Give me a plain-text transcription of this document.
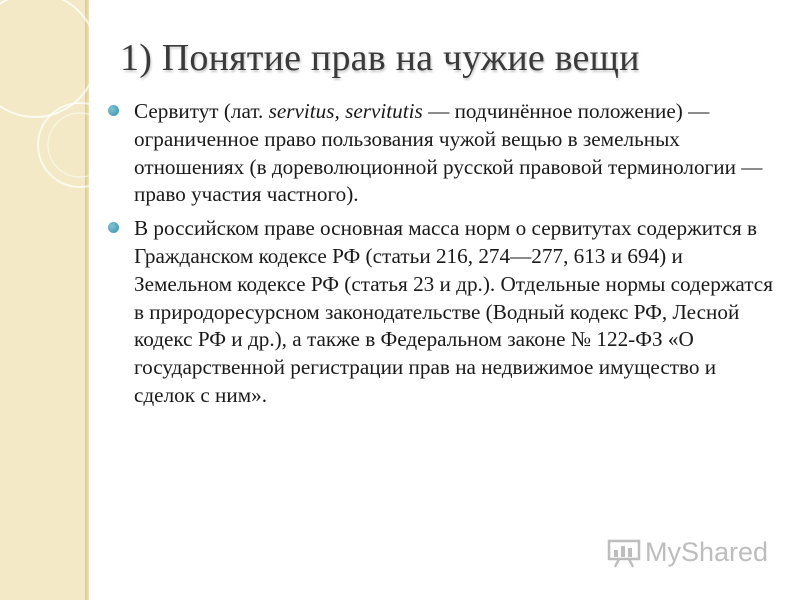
1) Понятие прав на чужие вещи
Сервитут (лат. servitus, servitutis — подчинённое положение) — ограниченное право пользования чужой вещью в земельных отношениях (в дореволюционной русской правовой терминологии — право участия частного).
В российском праве основная масса норм о сервитутах содержится в Гражданском кодексе РФ (статьи 216, 274—277, 613 и 694) и Земельном кодексе РФ (статья 23 и др.). Отдельные нормы содержатся в природоресурсном законодательстве (Водный кодекс РФ, Лесной кодекс РФ и др.), а также в Федеральном законе № 122-ФЗ «О государственной регистрации прав на недвижимое имущество и сделок с ним».
MyShared
